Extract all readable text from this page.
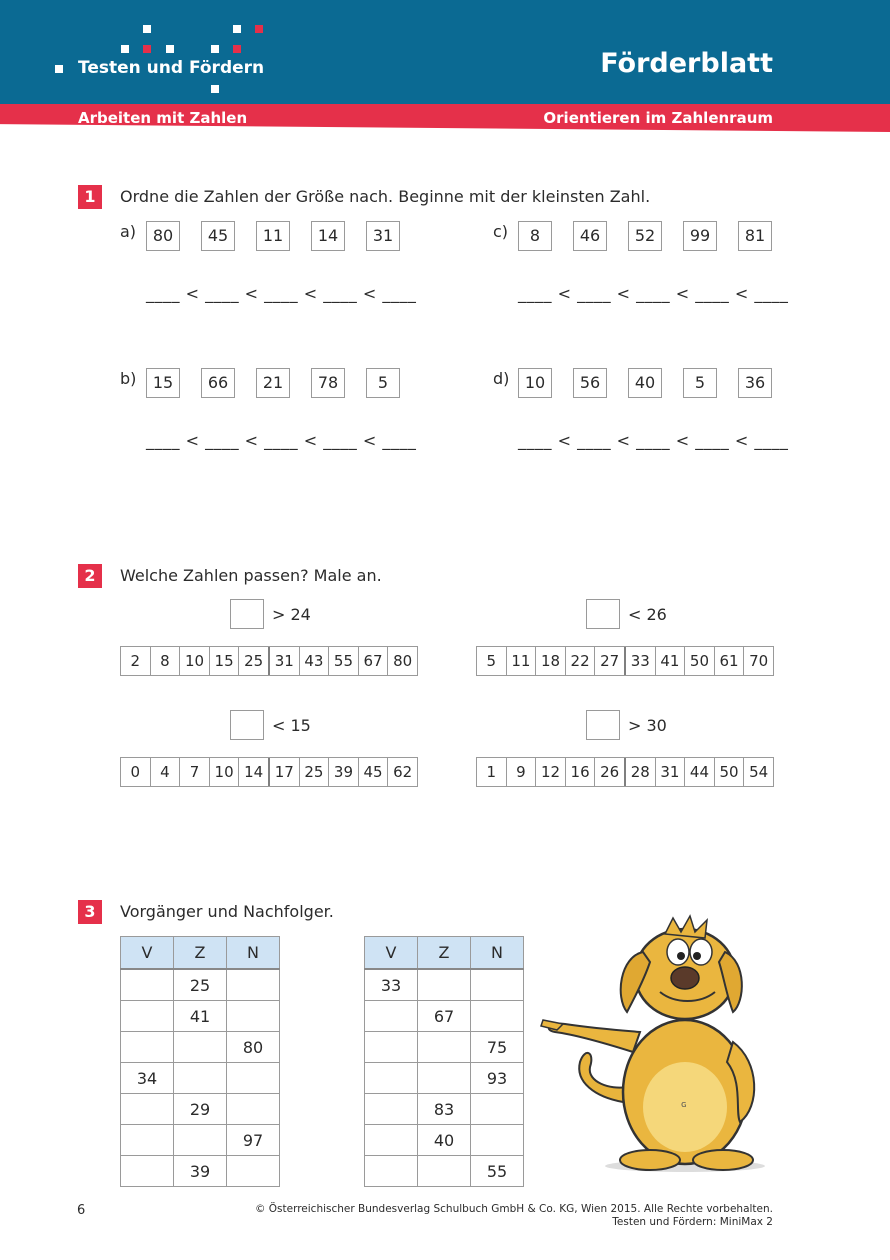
Testen und Fördern	Förderblatt
Arbeiten mit Zahlen	Orientieren im Zahlenraum
1	Ordne die Zahlen der Größe nach. Beginne mit der kleinsten Zahl.
a)	80	45	11	14	31
____ < ____ < ____ < ____ < ____
c)	8	46	52	99	81
____ < ____ < ____ < ____ < ____
b)	15	66	21	78	5
____ < ____ < ____ < ____ < ____
d) 10	56	40	5	36
____ < ____ < ____ < ____ < ____
2	Welche Zahlen passen? Male an.
> 24
2	8	10 15 25 31 43 55 67 80
< 26
5	11 18 22 27 33 41 50 61 70
< 15
0	4	7	10 14 17 25 39 45 62
> 30
1	9	12 16 26 28 31 44 50 54
3	Vorgänger und Nachfolger.
V	Z	N
	25	
	41	
		80
34		
	29	
		97
	39	
V	Z	N
33		
	67	
		75
		93
	83	
	40	
		55
ɢ
6	© Österreichischer Bundesverlag Schulbuch GmbH & Co. KG, Wien 2015. Alle Rechte vorbehalten.
Testen und Fördern: MiniMax 2
